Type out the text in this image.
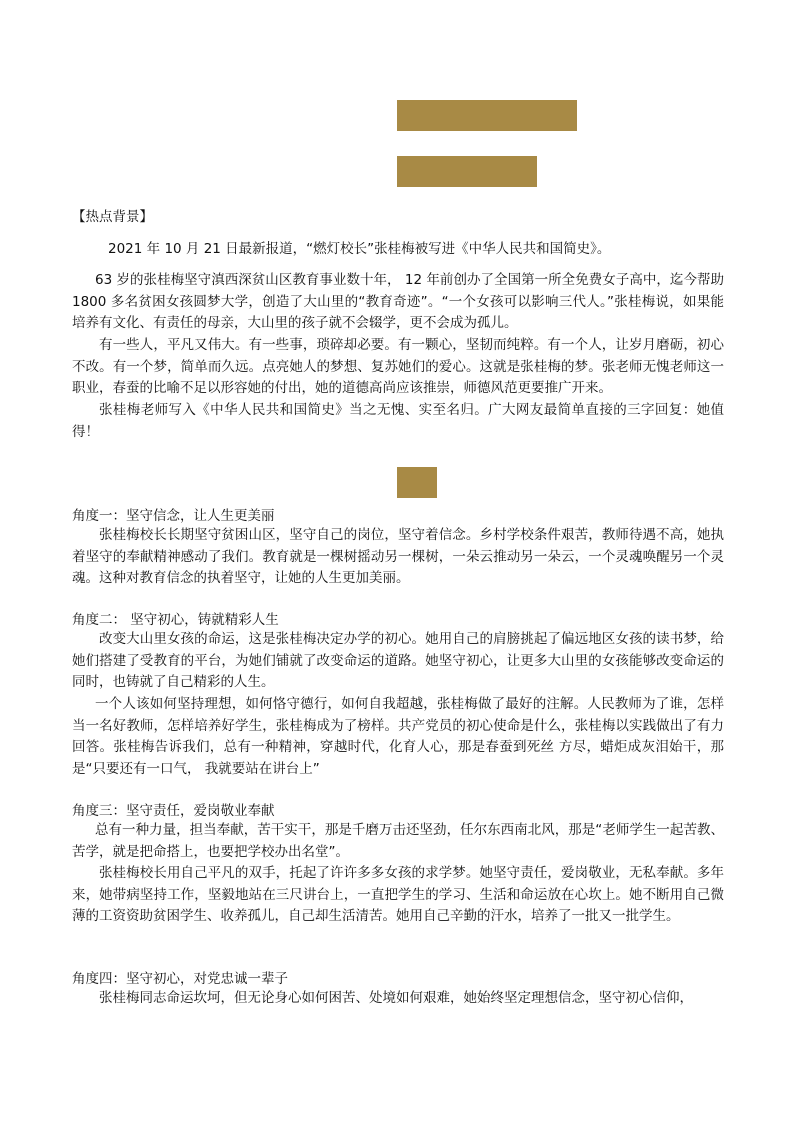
【热点背景】
2021 年 10 月 21 日最新报道，“燃灯校长”张桂梅被写进《中华人民共和国简史》。
63 岁的张桂梅坚守滇西深贫山区教育事业数十年， 12 年前创办了全国第一所全免费女子高中，迄今帮助 1800 多名贫困女孩圆梦大学，创造了大山里的“教育奇迹”。“一个女孩可以影响三代人。”张桂梅说，如果能培养有文化、有责任的母亲，大山里的孩子就不会辍学，更不会成为孤儿。
有一些人，平凡又伟大。有一些事，琐碎却必要。有一颗心，坚韧而纯粹。有一个人，让岁月磨砺，初心不改。有一个梦，简单而久远。点亮她人的梦想、复苏她们的爱心。这就是张桂梅的梦。张老师无愧老师这一职业，春蚕的比喻不足以形容她的付出，她的道德高尚应该推崇，师德风范更要推广开来。
张桂梅老师写入《中华人民共和国简史》当之无愧、实至名归。广大网友最简单直接的三字回复：她值得！
角度一：坚守信念，让人生更美丽
张桂梅校长长期坚守贫困山区，坚守自己的岗位，坚守着信念。乡村学校条件艰苦，教师待遇不高，她执着坚守的奉献精神感动了我们。教育就是一棵树摇动另一棵树，一朵云推动另一朵云，一个灵魂唤醒另一个灵魂。这种对教育信念的执着坚守，让她的人生更加美丽。
角度二： 坚守初心，铸就精彩人生
改变大山里女孩的命运，这是张桂梅决定办学的初心。她用自己的肩膀挑起了偏远地区女孩的读书梦，给她们搭建了受教育的平台，为她们铺就了改变命运的道路。她坚守初心，让更多大山里的女孩能够改变命运的同时，也铸就了自己精彩的人生。
一个人该如何坚持理想，如何恪守德行，如何自我超越，张桂梅做了最好的注解。人民教师为了谁，怎样当一名好教师，怎样培养好学生，张桂梅成为了榜样。共产党员的初心使命是什么，张桂梅以实践做出了有力回答。张桂梅告诉我们，总有一种精神，穿越时代，化育人心，那是春蚕到死丝 方尽，蜡炬成灰泪始干，那是“只要还有一口气， 我就要站在讲台上”
角度三：坚守责任，爱岗敬业奉献
总有一种力量，担当奉献，苦干实干，那是千磨万击还坚劲，任尔东西南北风，那是“老师学生一起苦教、苦学，就是把命搭上，也要把学校办出名堂”。
张桂梅校长用自己平凡的双手，托起了许许多多女孩的求学梦。她坚守责任，爱岗敬业，无私奉献。多年来，她带病坚持工作，坚毅地站在三尺讲台上，一直把学生的学习、生活和命运放在心坎上。她不断用自己微薄的工资资助贫困学生、收养孤儿，自己却生活清苦。她用自己辛勤的汗水，培养了一批又一批学生。
角度四：坚守初心，对党忠诚一辈子
张桂梅同志命运坎坷，但无论身心如何困苦、处境如何艰难，她始终坚定理想信念，坚守初心信仰，
